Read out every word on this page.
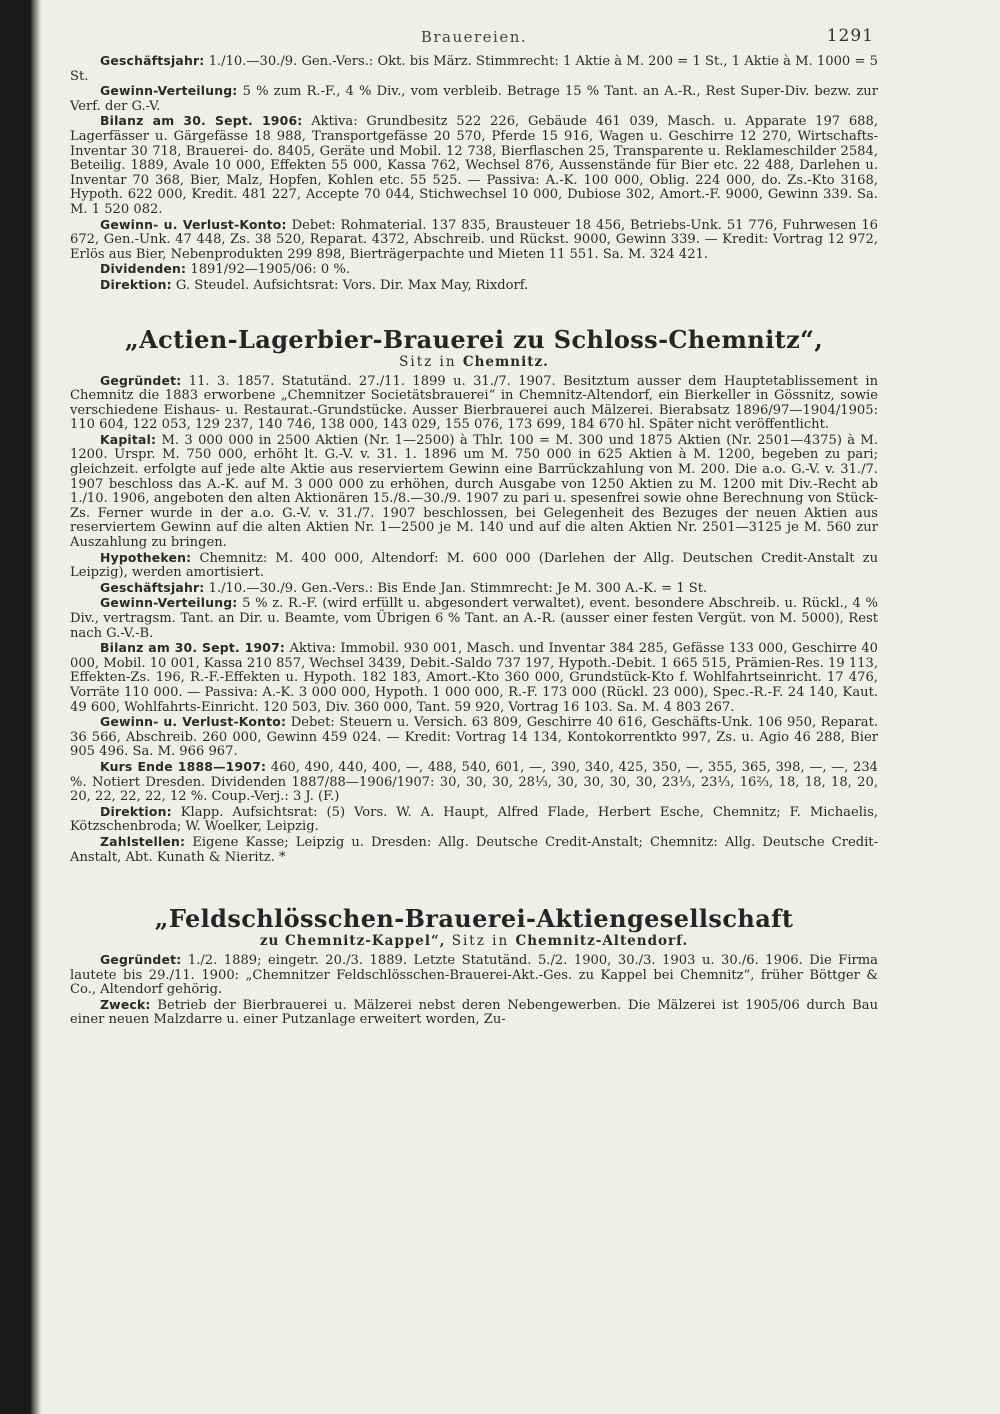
Brauereien.	1291

Geschäftsjahr: 1./10.—30./9. Gen.-Vers.: Okt. bis März. Stimmrecht: 1 Aktie à M. 200 = 1 St., 1 Aktie à M. 1000 = 5 St.

Gewinn-Verteilung: 5 % zum R.-F., 4 % Div., vom verbleib. Betrage 15 % Tant. an A.-R., Rest Super-Div. bezw. zur Verf. der G.-V.

Bilanz am 30. Sept. 1906: Aktiva: Grundbesitz 522 226, Gebäude 461 039, Masch. u. Apparate 197 688, Lagerfässer u. Gärgefässe 18 988, Transportgefässe 20 570, Pferde 15 916, Wagen u. Geschirre 12 270, Wirtschafts-Inventar 30 718, Brauerei- do. 8405, Geräte und Mobil. 12 738, Bierflaschen 25, Transparente u. Reklameschilder 2584, Beteilig. 1889, Avale 10 000, Effekten 55 000, Kassa 762, Wechsel 876, Aussenstände für Bier etc. 22 488, Darlehen u. Inventar 70 368, Bier, Malz, Hopfen, Kohlen etc. 55 525. — Passiva: A.-K. 100 000, Oblig. 224 000, do. Zs.-Kto 3168, Hypoth. 622 000, Kredit. 481 227, Accepte 70 044, Stichwechsel 10 000, Dubiose 302, Amort.-F. 9000, Gewinn 339. Sa. M. 1 520 082.

Gewinn- u. Verlust-Konto: Debet: Rohmaterial. 137 835, Brausteuer 18 456, Betriebs-Unk. 51 776, Fuhrwesen 16 672, Gen.-Unk. 47 448, Zs. 38 520, Reparat. 4372, Abschreib. und Rückst. 9000, Gewinn 339. — Kredit: Vortrag 12 972, Erlös aus Bier, Nebenprodukten 299 898, Bierträgerpachte und Mieten 11 551. Sa. M. 324 421.

Dividenden: 1891/92—1905/06: 0 %.

Direktion: G. Steudel. Aufsichtsrat: Vors. Dir. Max May, Rixdorf.

„Actien-Lagerbier-Brauerei zu Schloss-Chemnitz“,

Sitz in Chemnitz.

Gegründet: 11. 3. 1857. Statutänd. 27./11. 1899 u. 31./7. 1907. Besitztum ausser dem Hauptetablissement in Chemnitz die 1883 erworbene „Chemnitzer Societätsbrauerei“ in Chemnitz-Altendorf, ein Bierkeller in Gössnitz, sowie verschiedene Eishaus- u. Restaurat.-Grundstücke. Ausser Bierbrauerei auch Mälzerei. Bierabsatz 1896/97—1904/1905: 110 604, 122 053, 129 237, 140 746, 138 000, 143 029, 155 076, 173 699, 184 670 hl. Später nicht veröffentlicht.

Kapital: M. 3 000 000 in 2500 Aktien (Nr. 1—2500) à Thlr. 100 = M. 300 und 1875 Aktien (Nr. 2501—4375) à M. 1200. Urspr. M. 750 000, erhöht lt. G.-V. v. 31. 1. 1896 um M. 750 000 in 625 Aktien à M. 1200, begeben zu pari; gleichzeit. erfolgte auf jede alte Aktie aus reserviertem Gewinn eine Barrückzahlung von M. 200. Die a.o. G.-V. v. 31./7. 1907 beschloss das A.-K. auf M. 3 000 000 zu erhöhen, durch Ausgabe von 1250 Aktien zu M. 1200 mit Div.-Recht ab 1./10. 1906, angeboten den alten Aktionären 15./8.—30./9. 1907 zu pari u. spesenfrei sowie ohne Berechnung von Stück-Zs. Ferner wurde in der a.o. G.-V. v. 31./7. 1907 beschlossen, bei Gelegenheit des Bezuges der neuen Aktien aus reserviertem Gewinn auf die alten Aktien Nr. 1—2500 je M. 140 und auf die alten Aktien Nr. 2501—3125 je M. 560 zur Auszahlung zu bringen.

Hypotheken: Chemnitz: M. 400 000, Altendorf: M. 600 000 (Darlehen der Allg. Deutschen Credit-Anstalt zu Leipzig), werden amortisiert.

Geschäftsjahr: 1./10.—30./9. Gen.-Vers.: Bis Ende Jan. Stimmrecht: Je M. 300 A.-K. = 1 St.

Gewinn-Verteilung: 5 % z. R.-F. (wird erfüllt u. abgesondert verwaltet), event. besondere Abschreib. u. Rückl., 4 % Div., vertragsm. Tant. an Dir. u. Beamte, vom Übrigen 6 % Tant. an A.-R. (ausser einer festen Vergüt. von M. 5000), Rest nach G.-V.-B.

Bilanz am 30. Sept. 1907: Aktiva: Immobil. 930 001, Masch. und Inventar 384 285, Gefässe 133 000, Geschirre 40 000, Mobil. 10 001, Kassa 210 857, Wechsel 3439, Debit.-Saldo 737 197, Hypoth.-Debit. 1 665 515, Prämien-Res. 19 113, Effekten-Zs. 196, R.-F.-Effekten u. Hypoth. 182 183, Amort.-Kto 360 000, Grundstück-Kto f. Wohlfahrtseinricht. 17 476, Vorräte 110 000. — Passiva: A.-K. 3 000 000, Hypoth. 1 000 000, R.-F. 173 000 (Rückl. 23 000), Spec.-R.-F. 24 140, Kaut. 49 600, Wohlfahrts-Einricht. 120 503, Div. 360 000, Tant. 59 920, Vortrag 16 103. Sa. M. 4 803 267.

Gewinn- u. Verlust-Konto: Debet: Steuern u. Versich. 63 809, Geschirre 40 616, Geschäfts-Unk. 106 950, Reparat. 36 566, Abschreib. 260 000, Gewinn 459 024. — Kredit: Vortrag 14 134, Kontokorrentkto 997, Zs. u. Agio 46 288, Bier 905 496. Sa. M. 966 967.

Kurs Ende 1888—1907: 460, 490, 440, 400, —, 488, 540, 601, —, 390, 340, 425, 350, —, 355, 365, 398, —, —, 234 %. Notiert Dresden. Dividenden 1887/88—1906/1907: 30, 30, 30, 28⅓, 30, 30, 30, 30, 23⅓, 23⅓, 16⅔, 18, 18, 18, 20, 20, 22, 22, 22, 12 %. Coup.-Verj.: 3 J. (F.)

Direktion: Klapp. Aufsichtsrat: (5) Vors. W. A. Haupt, Alfred Flade, Herbert Esche, Chemnitz; F. Michaelis, Kötzschenbroda; W. Woelker, Leipzig.

Zahlstellen: Eigene Kasse; Leipzig u. Dresden: Allg. Deutsche Credit-Anstalt; Chemnitz: Allg. Deutsche Credit-Anstalt, Abt. Kunath & Nieritz. *

„Feldschlösschen-Brauerei-Aktiengesellschaft

zu Chemnitz-Kappel“, Sitz in Chemnitz-Altendorf.

Gegründet: 1./2. 1889; eingetr. 20./3. 1889. Letzte Statutänd. 5./2. 1900, 30./3. 1903 u. 30./6. 1906. Die Firma lautete bis 29./11. 1900: „Chemnitzer Feldschlösschen-Brauerei-Akt.-Ges. zu Kappel bei Chemnitz“, früher Böttger & Co., Altendorf gehörig.

Zweck: Betrieb der Bierbrauerei u. Mälzerei nebst deren Nebengewerben. Die Mälzerei ist 1905/06 durch Bau einer neuen Malzdarre u. einer Putzanlage erweitert worden, Zu-
